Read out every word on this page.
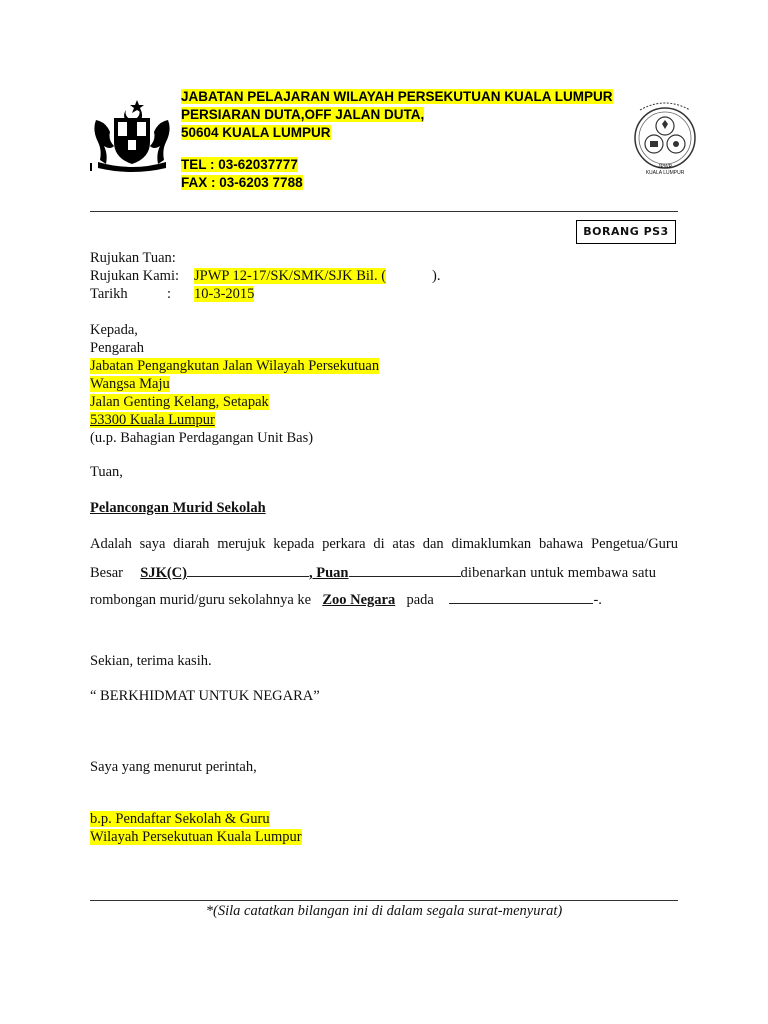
JABATAN PELAJARAN WILAYAH PERSEKUTUAN KUALA LUMPUR
PERSIARAN DUTA,OFF JALAN DUTA,
50604 KUALA LUMPUR
TEL : 03-62037777
FAX : 03-6203 7788
JPWP
KUALA LUMPUR
BORANG PS3
Rujukan Tuan:
Rujukan Kami: JPWP 12-17/SK/SMK/SJK Bil. (	).
Tarikh	: 10-3-2015
Kepada,
Pengarah
Jabatan Pengangkutan Jalan Wilayah Persekutuan
Wangsa Maju
Jalan Genting Kelang, Setapak
53300 Kuala Lumpur
(u.p. Bahagian Perdagangan Unit Bas)
Tuan,
Pelancongan Murid Sekolah
Adalah saya diarah merujuk kepada perkara di atas dan dimaklumkan bahawa Pengetua/Guru
Besar SJK(C)	, Puan	dibenarkan untuk membawa satu
rombongan murid/guru sekolahnya ke Zoo Negara pada	-.
Sekian, terima kasih.
“ BERKHIDMAT UNTUK NEGARA”
Saya yang menurut perintah,
b.p. Pendaftar Sekolah & Guru
Wilayah Persekutuan Kuala Lumpur
*(Sila catatkan bilangan ini di dalam segala surat-menyurat)
